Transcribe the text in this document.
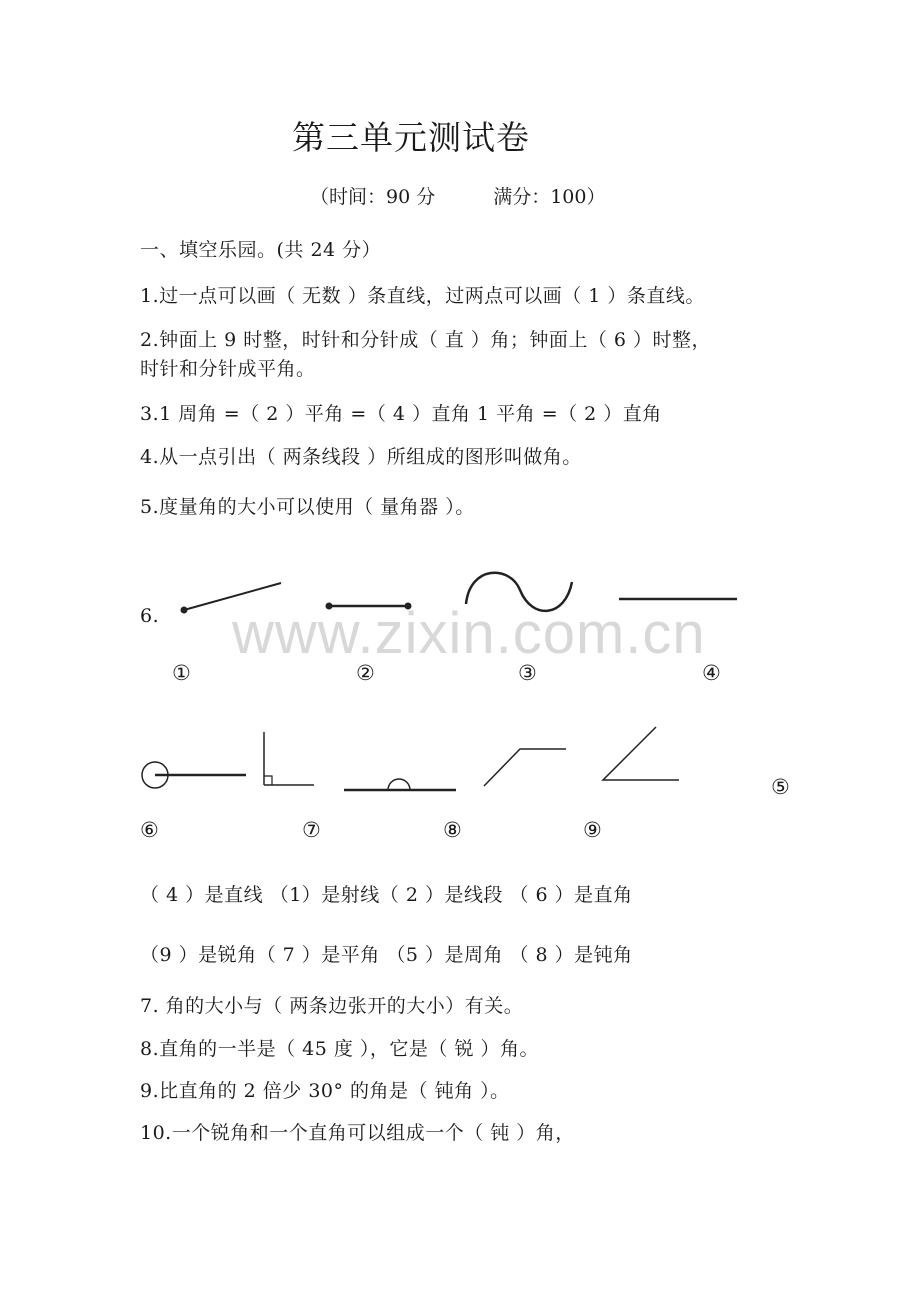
第三单元测试卷
（时间：90 分	满分：100）
一、填空乐园。(共 24 分）
1.过一点可以画（ 无数 ）条直线，过两点可以画（ 1 ）条直线。
2.钟面上 9 时整，时针和分针成（ 直 ）角；钟面上（ 6 ）时整，
时针和分针成平角。
3.1 周角 =（ 2 ）平角 =（ 4 ）直角 1 平角 =（ 2 ）直角
4.从一点引出（ 两条线段 ）所组成的图形叫做角。
5.度量角的大小可以使用（ 量角器 ）。
6.
①	②	③	④
⑤
⑥	⑦	⑧	⑨
www.zixin.com.cn
（ 4 ）是直线 （1）是射线（ 2 ）是线段 （ 6 ）是直角
（9 ）是锐角（ 7 ）是平角 （5 ）是周角 （ 8 ）是钝角
7. 角的大小与（ 两条边张开的大小）有关。
8.直角的一半是（ 45 度 ），它是（ 锐 ）角。
9.比直角的 2 倍少 30° 的角是（ 钝角 ）。
10.一个锐角和一个直角可以组成一个（ 钝 ）角，
